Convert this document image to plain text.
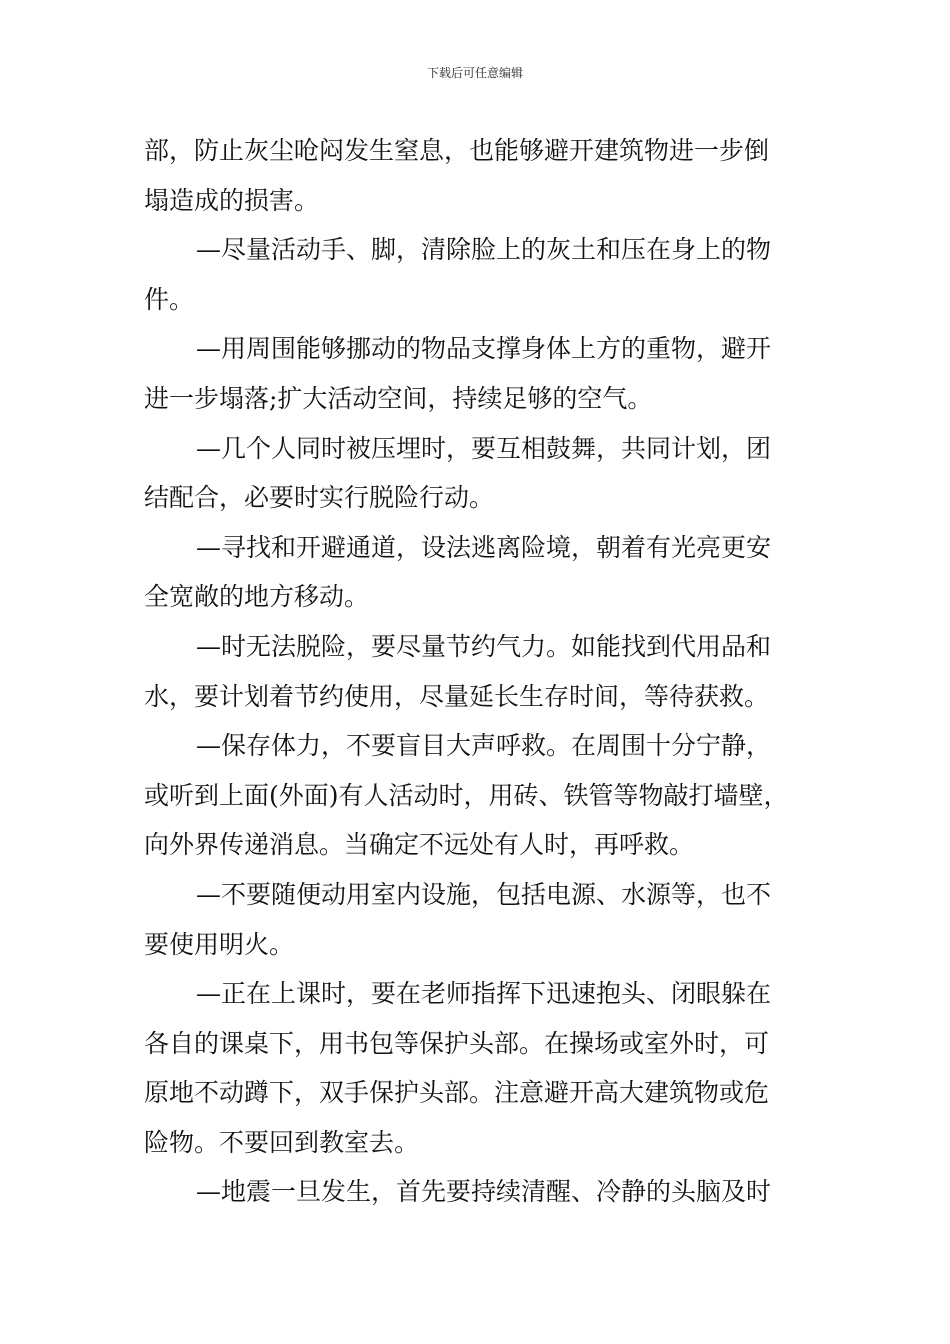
下载后可任意编辑
部，防止灰尘呛闷发生窒息，也能够避开建筑物进一步倒
塌造成的损害。
—尽量活动手、脚，清除脸上的灰土和压在身上的物
件。
—用周围能够挪动的物品支撑身体上方的重物，避开
进一步塌落;扩大活动空间，持续足够的空气。
—几个人同时被压埋时，要互相鼓舞，共同计划，团
结配合，必要时实行脱险行动。
—寻找和开避通道，设法逃离险境，朝着有光亮更安
全宽敞的地方移动。
—时无法脱险，要尽量节约气力。如能找到代用品和
水，要计划着节约使用，尽量延长生存时间，等待获救。
—保存体力，不要盲目大声呼救。在周围十分宁静，
或听到上面(外面)有人活动时，用砖、铁管等物敲打墙壁，
向外界传递消息。当确定不远处有人时，再呼救。
—不要随便动用室内设施，包括电源、水源等，也不
要使用明火。
—正在上课时，要在老师指挥下迅速抱头、闭眼躲在
各自的课桌下，用书包等保护头部。在操场或室外时，可
原地不动蹲下，双手保护头部。注意避开高大建筑物或危
险物。不要回到教室去。
—地震一旦发生，首先要持续清醒、冷静的头脑及时
